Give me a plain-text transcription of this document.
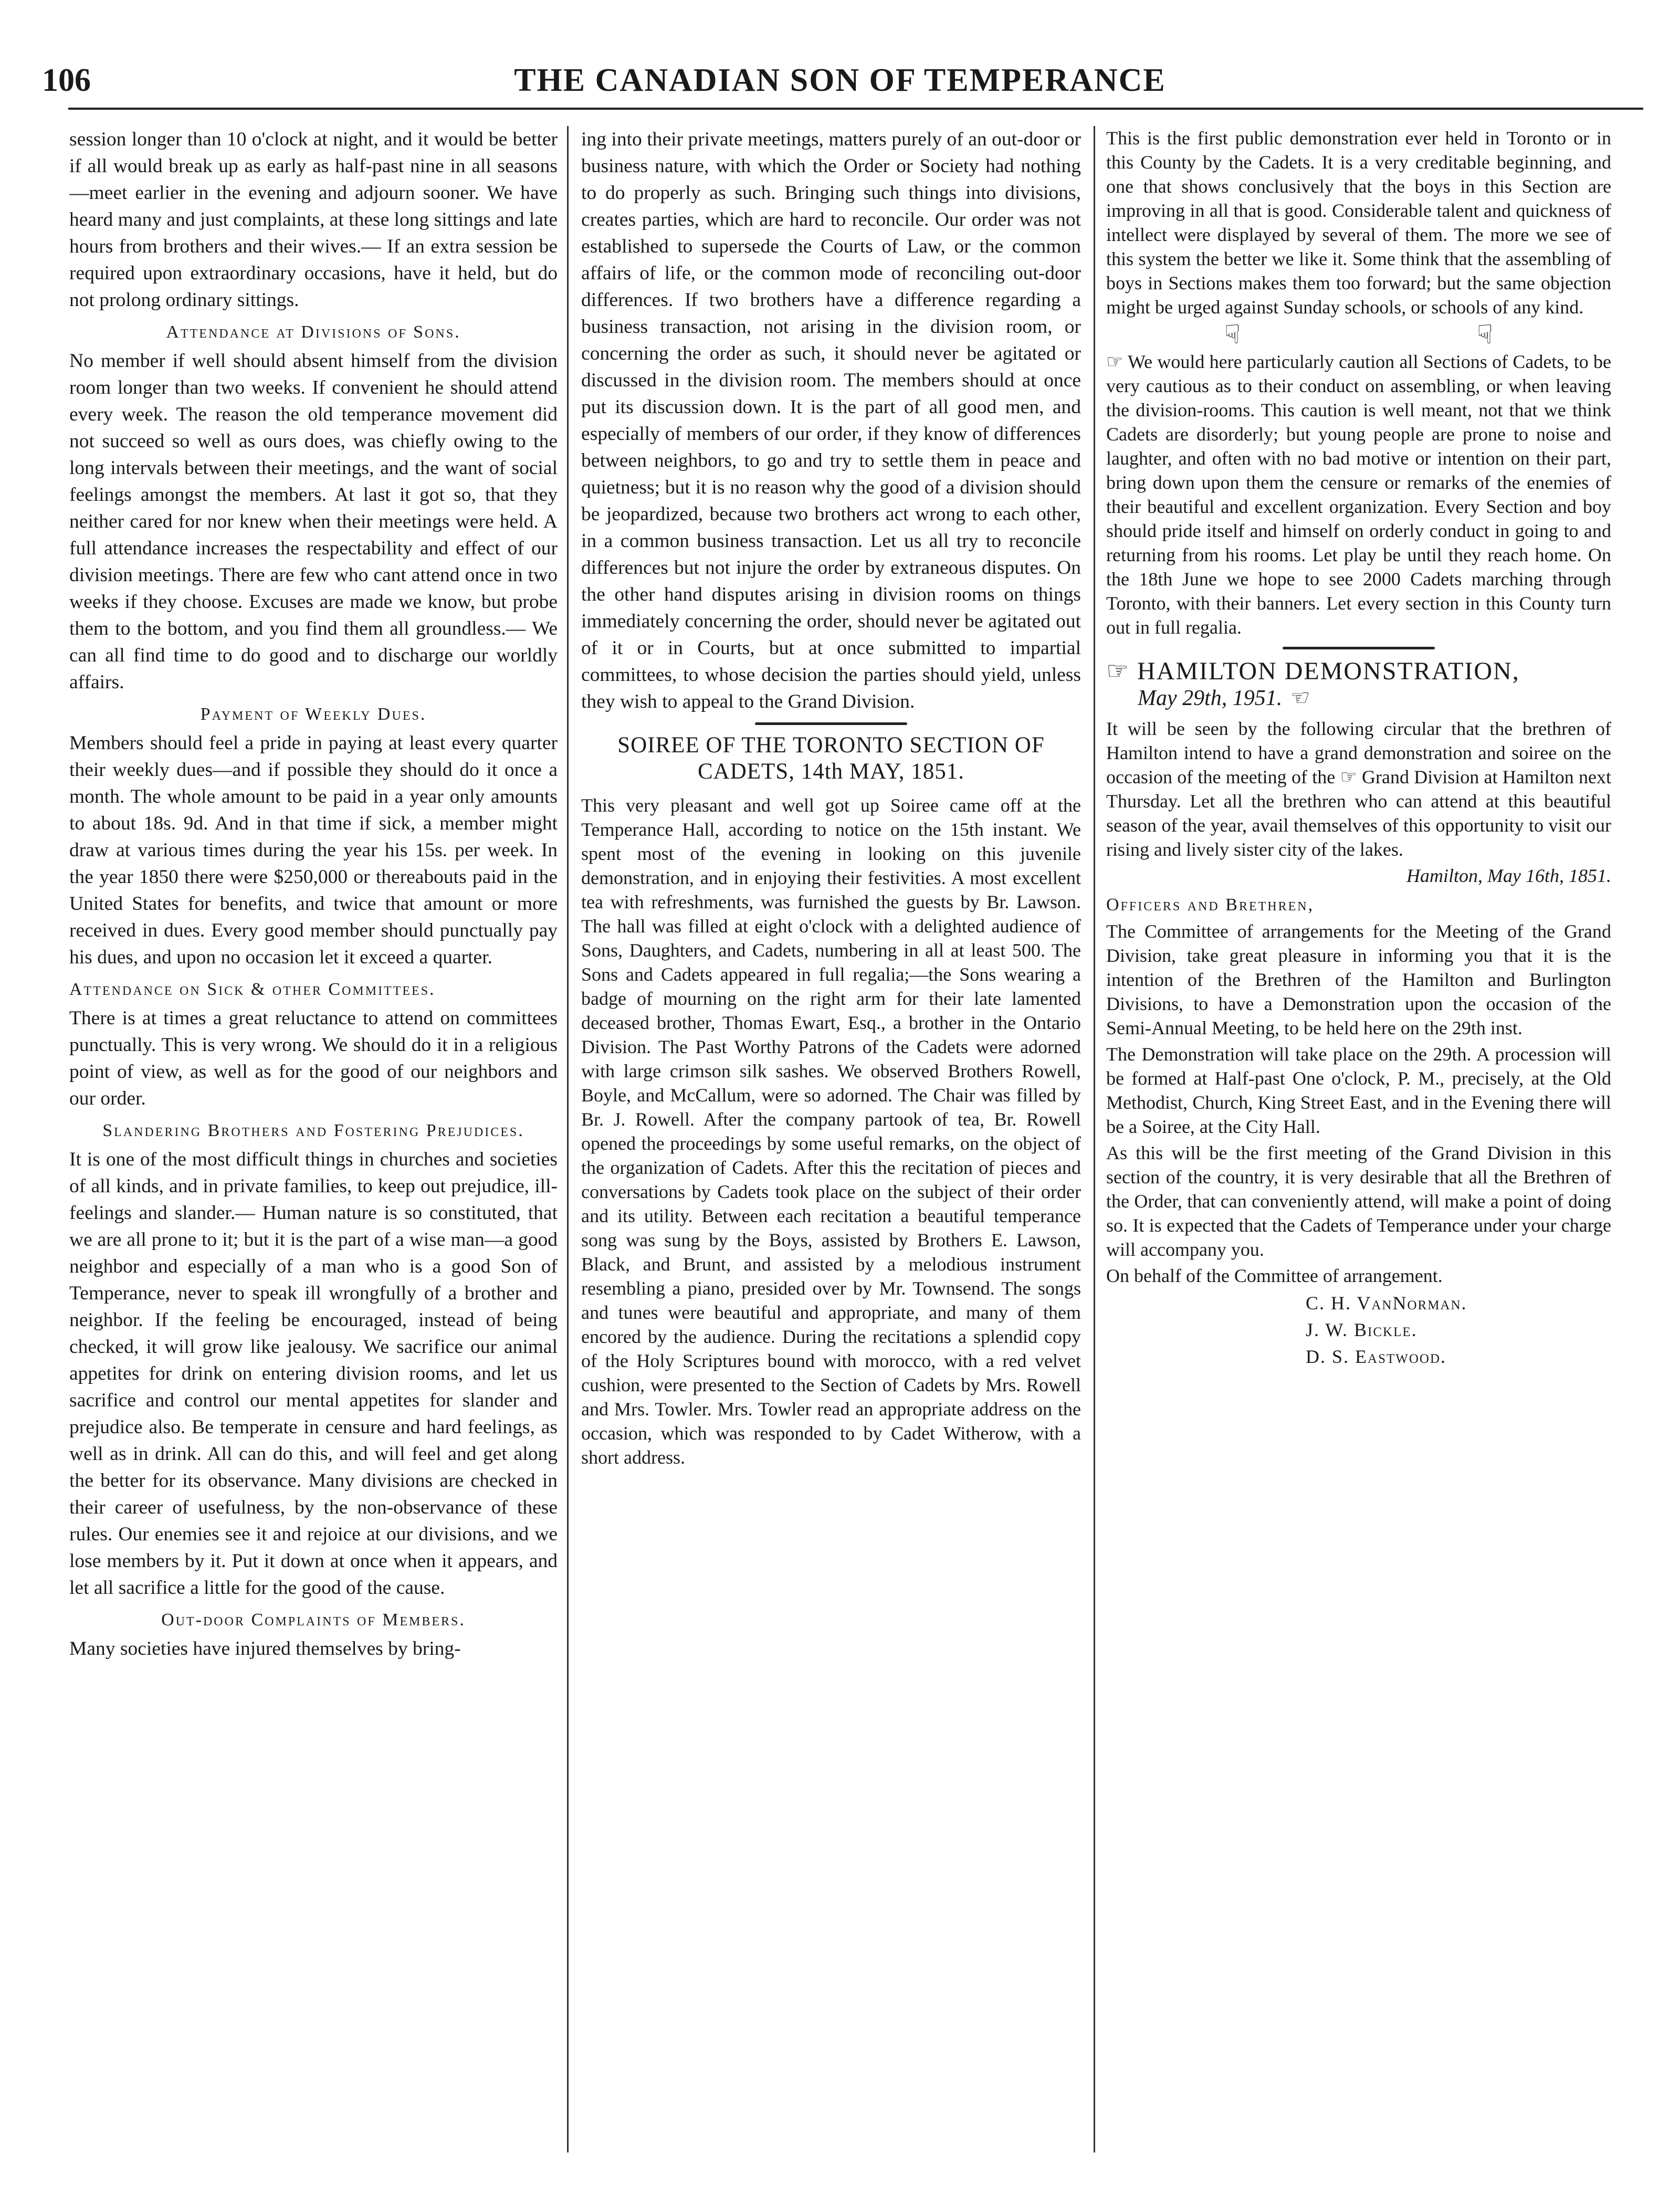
106	THE CANADIAN SON OF TEMPERANCE

session longer than 10 o'clock at night, and it would be better if all would break up as early as half-past nine in all seasons—meet earlier in the evening and adjourn sooner. We have heard many and just complaints, at these long sittings and late hours from brothers and their wives.— If an extra session be required upon extraordinary occasions, have it held, but do not prolong ordinary sittings.

Attendance at Divisions of Sons.

No member if well should absent himself from the division room longer than two weeks. If convenient he should attend every week. The reason the old temperance movement did not succeed so well as ours does, was chiefly owing to the long intervals between their meetings, and the want of social feelings amongst the members. At last it got so, that they neither cared for nor knew when their meetings were held. A full attendance increases the respectability and effect of our division meetings. There are few who cant attend once in two weeks if they choose. Excuses are made we know, but probe them to the bottom, and you find them all groundless.— We can all find time to do good and to discharge our worldly affairs.

Payment of Weekly Dues.

Members should feel a pride in paying at least every quarter their weekly dues—and if possible they should do it once a month. The whole amount to be paid in a year only amounts to about 18s. 9d. And in that time if sick, a member might draw at various times during the year his 15s. per week. In the year 1850 there were $250,000 or thereabouts paid in the United States for benefits, and twice that amount or more received in dues. Every good member should punctually pay his dues, and upon no occasion let it exceed a quarter.

Attendance on Sick & other Committees.

There is at times a great reluctance to attend on committees punctually. This is very wrong. We should do it in a religious point of view, as well as for the good of our neighbors and our order.

Slandering Brothers and Fostering Prejudices.

It is one of the most difficult things in churches and societies of all kinds, and in private families, to keep out prejudice, ill-feelings and slander.— Human nature is so constituted, that we are all prone to it; but it is the part of a wise man—a good neighbor and especially of a man who is a good Son of Temperance, never to speak ill wrongfully of a brother and neighbor. If the feeling be encouraged, instead of being checked, it will grow like jealousy. We sacrifice our animal appetites for drink on entering division rooms, and let us sacrifice and control our mental appetites for slander and prejudice also. Be temperate in censure and hard feelings, as well as in drink. All can do this, and will feel and get along the better for its observance. Many divisions are checked in their career of usefulness, by the non-observance of these rules. Our enemies see it and rejoice at our divisions, and we lose members by it. Put it down at once when it appears, and let all sacrifice a little for the good of the cause.

Out-door Complaints of Members.

Many societies have injured themselves by bring-

ing into their private meetings, matters purely of an out-door or business nature, with which the Order or Society had nothing to do properly as such. Bringing such things into divisions, creates parties, which are hard to reconcile. Our order was not established to supersede the Courts of Law, or the common affairs of life, or the common mode of reconciling out-door differences. If two brothers have a difference regarding a business transaction, not arising in the division room, or concerning the order as such, it should never be agitated or discussed in the division room. The members should at once put its discussion down. It is the part of all good men, and especially of members of our order, if they know of differences between neighbors, to go and try to settle them in peace and quietness; but it is no reason why the good of a division should be jeopardized, because two brothers act wrong to each other, in a common business transaction. Let us all try to reconcile differences but not injure the order by extraneous disputes. On the other hand disputes arising in division rooms on things immediately concerning the order, should never be agitated out of it or in Courts, but at once submitted to impartial committees, to whose decision the parties should yield, unless they wish to appeal to the Grand Division.

SOIREE OF THE TORONTO SECTION OF CADETS, 14th MAY, 1851.

This very pleasant and well got up Soiree came off at the Temperance Hall, according to notice on the 15th instant. We spent most of the evening in looking on this juvenile demonstration, and in enjoying their festivities. A most excellent tea with refreshments, was furnished the guests by Br. Lawson. The hall was filled at eight o'clock with a delighted audience of Sons, Daughters, and Cadets, numbering in all at least 500. The Sons and Cadets appeared in full regalia;—the Sons wearing a badge of mourning on the right arm for their late lamented deceased brother, Thomas Ewart, Esq., a brother in the Ontario Division. The Past Worthy Patrons of the Cadets were adorned with large crimson silk sashes. We observed Brothers Rowell, Boyle, and McCallum, were so adorned. The Chair was filled by Br. J. Rowell. After the company partook of tea, Br. Rowell opened the proceedings by some useful remarks, on the object of the organization of Cadets. After this the recitation of pieces and conversations by Cadets took place on the subject of their order and its utility. Between each recitation a beautiful temperance song was sung by the Boys, assisted by Brothers E. Lawson, Black, and Brunt, and assisted by a melodious instrument resembling a piano, presided over by Mr. Townsend. The songs and tunes were beautiful and appropriate, and many of them encored by the audience. During the recitations a splendid copy of the Holy Scriptures bound with morocco, with a red velvet cushion, were presented to the Section of Cadets by Mrs. Rowell and Mrs. Towler. Mrs. Towler read an appropriate address on the occasion, which was responded to by Cadet Witherow, with a short address.

This is the first public demonstration ever held in Toronto or in this County by the Cadets. It is a very creditable beginning, and one that shows conclusively that the boys in this Section are improving in all that is good. Considerable talent and quickness of intellect were displayed by several of them. The more we see of this system the better we like it. Some think that the assembling of boys in Sections makes them too forward; but the same objection might be urged against Sunday schools, or schools of any kind.

☟	☟

☞ We would here particularly caution all Sections of Cadets, to be very cautious as to their conduct on assembling, or when leaving the division-rooms. This caution is well meant, not that we think Cadets are disorderly; but young people are prone to noise and laughter, and often with no bad motive or intention on their part, bring down upon them the censure or remarks of the enemies of their beautiful and excellent organization. Every Section and boy should pride itself and himself on orderly conduct in going to and returning from his rooms. Let play be until they reach home. On the 18th June we hope to see 2000 Cadets marching through Toronto, with their banners. Let every section in this County turn out in full regalia.

☞ HAMILTON DEMONSTRATION,
May 29th, 1951. ☜

It will be seen by the following circular that the brethren of Hamilton intend to have a grand demonstration and soiree on the occasion of the meeting of the ☞ Grand Division at Hamilton next Thursday. Let all the brethren who can attend at this beautiful season of the year, avail themselves of this opportunity to visit our rising and lively sister city of the lakes.

Hamilton, May 16th, 1851.
Officers and Brethren,

The Committee of arrangements for the Meeting of the Grand Division, take great pleasure in informing you that it is the intention of the Brethren of the Hamilton and Burlington Divisions, to have a Demonstration upon the occasion of the Semi-Annual Meeting, to be held here on the 29th inst.

The Demonstration will take place on the 29th. A procession will be formed at Half-past One o'clock, P. M., precisely, at the Old Methodist, Church, King Street East, and in the Evening there will be a Soiree, at the City Hall.

As this will be the first meeting of the Grand Division in this section of the country, it is very desirable that all the Brethren of the Order, that can conveniently attend, will make a point of doing so. It is expected that the Cadets of Temperance under your charge will accompany you.

On behalf of the Committee of arrangement.

C. H. VanNorman.
J. W. Bickle.
D. S. Eastwood.
